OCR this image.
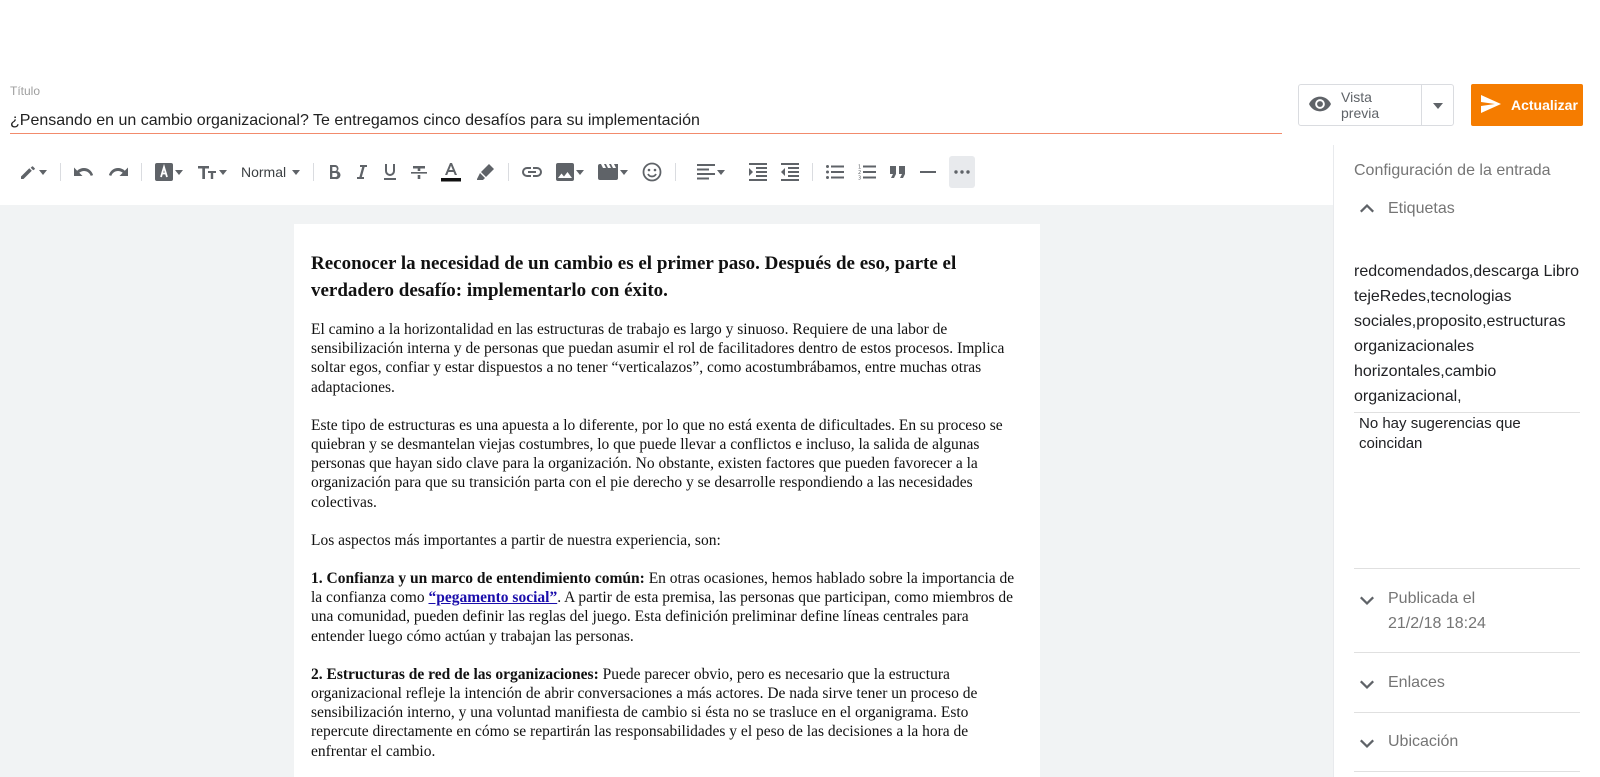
Título
¿Pensando en un cambio organizacional? Te entregamos cinco desafíos para su implementación	Vista previa	Actualizar
Normal	1
2
3
Reconocer la necesidad de un cambio es el primer paso. Después de eso, parte el verdadero desafío: implementarlo con éxito.

El camino a la horizontalidad en las estructuras de trabajo es largo y sinuoso. Requiere de una labor de sensibilización interna y de personas que puedan asumir el rol de facilitadores dentro de estos procesos. Implica soltar egos, confiar y estar dispuestos a no tener “verticalazos”, como acostumbrábamos, entre muchas otras adaptaciones.

Este tipo de estructuras es una apuesta a lo diferente, por lo que no está exenta de dificultades. En su proceso se quiebran y se desmantelan viejas costumbres, lo que puede llevar a conflictos e incluso, la salida de algunas personas que hayan sido clave para la organización. No obstante, existen factores que pueden favorecer a la organización para que su transición parta con el pie derecho y se desarrolle respondiendo a las necesidades colectivas.

Los aspectos más importantes a partir de nuestra experiencia, son:

1. Confianza y un marco de entendimiento común: En otras ocasiones, hemos hablado sobre la importancia de la confianza como “pegamento social”. A partir de esta premisa, las personas que participan, como miembros de una comunidad, pueden definir las reglas del juego. Esta definición preliminar define líneas centrales para entender luego cómo actúan y trabajan las personas.

2. Estructuras de red de las organizaciones: Puede parecer obvio, pero es necesario que la estructura organizacional refleje la intención de abrir conversaciones a más actores. De nada sirve tener un proceso de sensibilización interno, y una voluntad manifiesta de cambio si ésta no se trasluce en el organigrama. Esto repercute directamente en cómo se repartirán las responsabilidades y el peso de las decisiones a la hora de enfrentar el cambio.

Configuración de la entrada
Etiquetas
redcomendados,descarga Libro tejeRedes,tecnologias sociales,proposito,estructuras organizacionales horizontales,cambio organizacional,
No hay sugerencias que coincidan
Publicada el
21/2/18 18:24
Enlaces
Ubicación
